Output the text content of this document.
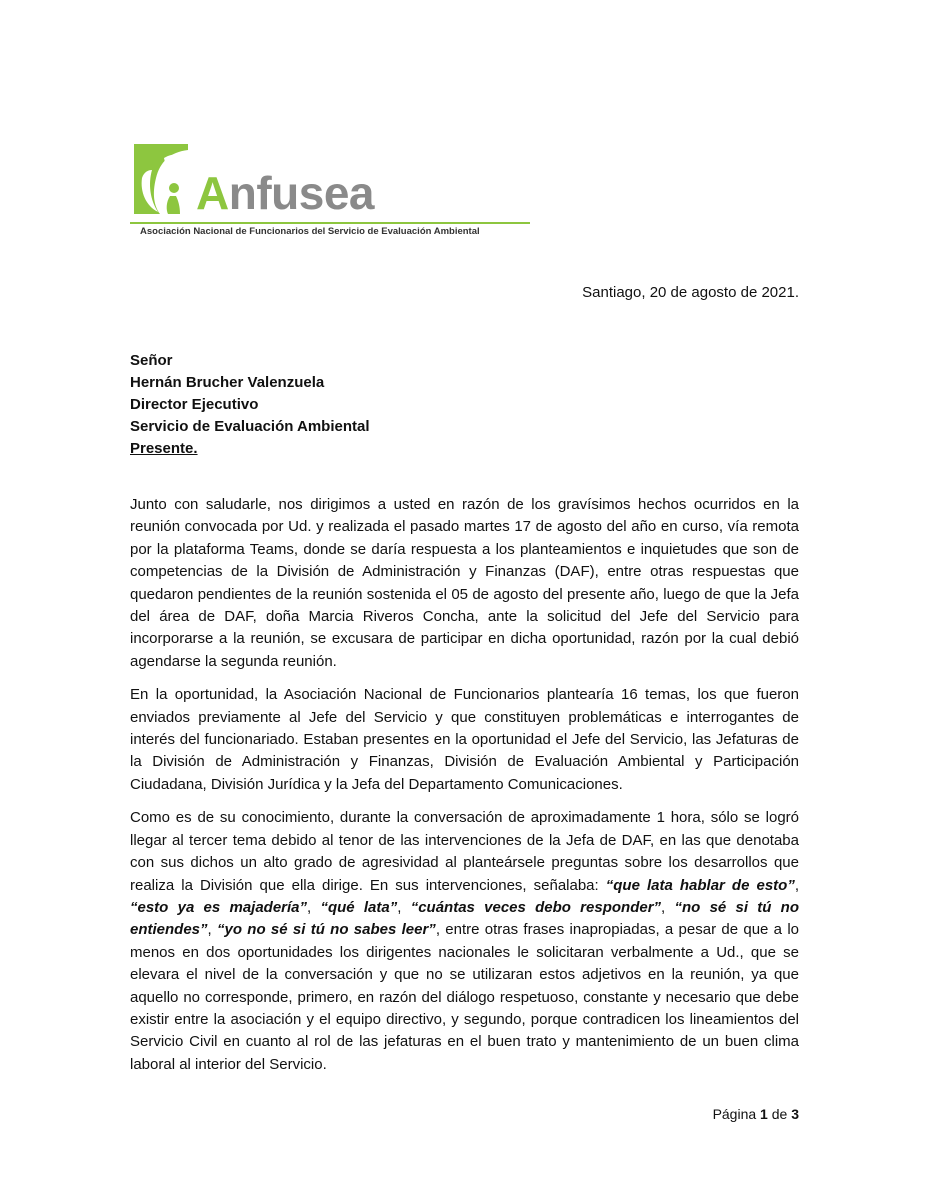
Anfusea
Asociación Nacional de Funcionarios del Servicio de Evaluación Ambiental
Santiago, 20 de agosto de 2021.
Señor
Hernán Brucher Valenzuela
Director Ejecutivo
Servicio de Evaluación Ambiental
Presente.

Junto con saludarle, nos dirigimos a usted en razón de los gravísimos hechos ocurridos en la reunión convocada por Ud. y realizada el pasado martes 17 de agosto del año en curso, vía remota por la plataforma Teams, donde se daría respuesta a los planteamientos e inquietudes que son de competencias de la División de Administración y Finanzas (DAF), entre otras respuestas que quedaron pendientes de la reunión sostenida el 05 de agosto del presente año, luego de que la Jefa del área de DAF, doña Marcia Riveros Concha, ante la solicitud del Jefe del Servicio para incorporarse a la reunión, se excusara de participar en dicha oportunidad, razón por la cual debió agendarse la segunda reunión.

En la oportunidad, la Asociación Nacional de Funcionarios plantearía 16 temas, los que fueron enviados previamente al Jefe del Servicio y que constituyen problemáticas e interrogantes de interés del funcionariado. Estaban presentes en la oportunidad el Jefe del Servicio, las Jefaturas de la División de Administración y Finanzas, División de Evaluación Ambiental y Participación Ciudadana, División Jurídica y la Jefa del Departamento Comunicaciones.

Como es de su conocimiento, durante la conversación de aproximadamente 1 hora, sólo se logró llegar al tercer tema debido al tenor de las intervenciones de la Jefa de DAF, en las que denotaba con sus dichos un alto grado de agresividad al planteársele preguntas sobre los desarrollos que realiza la División que ella dirige. En sus intervenciones, señalaba: “que lata hablar de esto”, “esto ya es majadería”, “qué lata”, “cuántas veces debo responder”, “no sé si tú no entiendes”, “yo no sé si tú no sabes leer”, entre otras frases inapropiadas, a pesar de que a lo menos en dos oportunidades los dirigentes nacionales le solicitaran verbalmente a Ud., que se elevara el nivel de la conversación y que no se utilizaran estos adjetivos en la reunión, ya que aquello no corresponde, primero, en razón del diálogo respetuoso, constante y necesario que debe existir entre la asociación y el equipo directivo, y segundo, porque contradicen los lineamientos del Servicio Civil en cuanto al rol de las jefaturas en el buen trato y mantenimiento de un buen clima laboral al interior del Servicio.

Página 1 de 3
